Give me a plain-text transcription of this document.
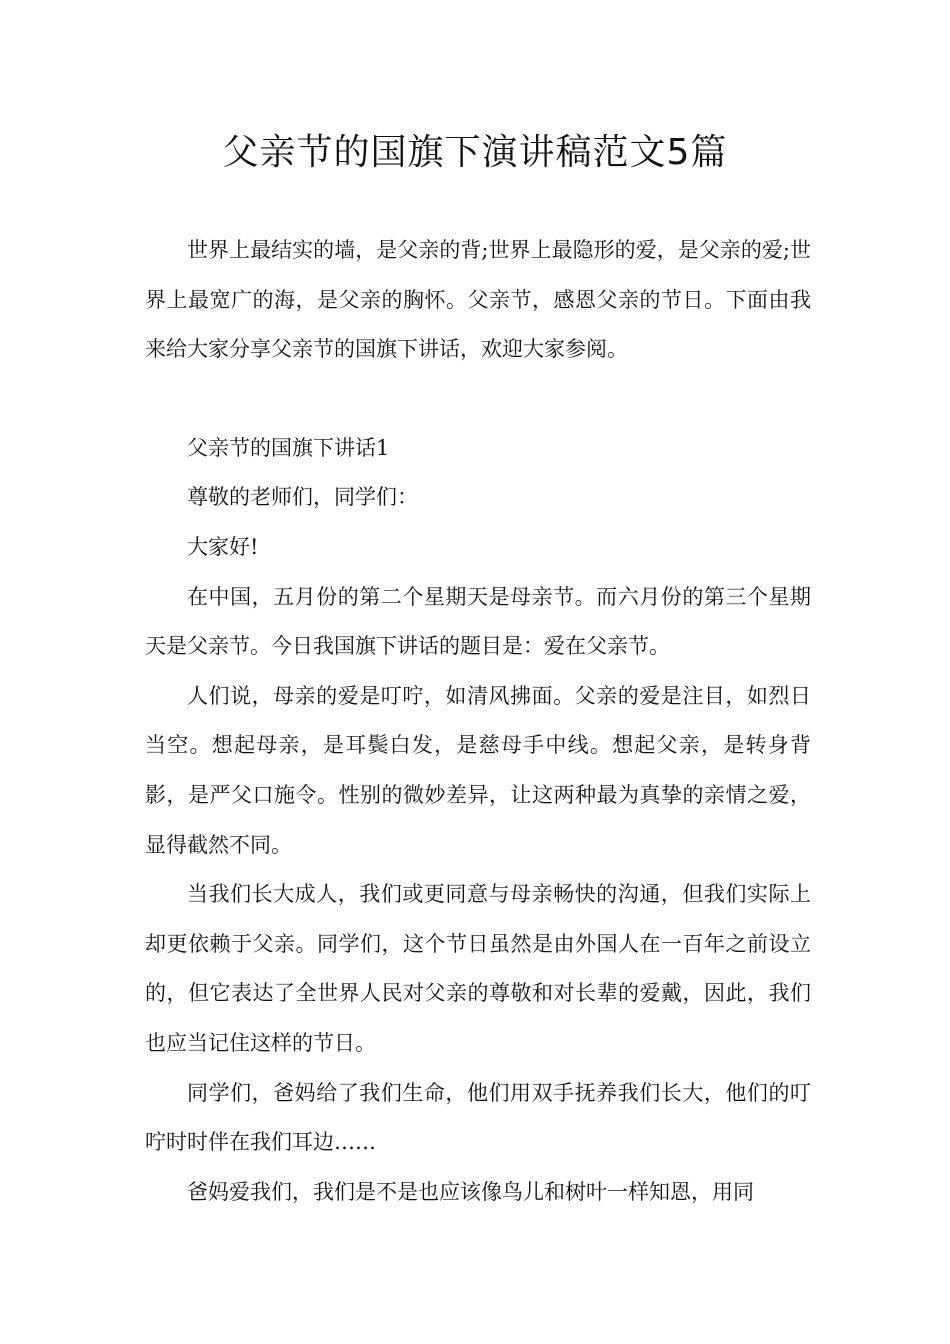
父亲节的国旗下演讲稿范文5篇

世界上最结实的墙，是父亲的背;世界上最隐形的爱，是父亲的爱;世界上最宽广的海，是父亲的胸怀。父亲节，感恩父亲的节日。下面由我来给大家分享父亲节的国旗下讲话，欢迎大家参阅。

父亲节的国旗下讲话1

尊敬的老师们，同学们：

大家好!

在中国，五月份的第二个星期天是母亲节。而六月份的第三个星期天是父亲节。今日我国旗下讲话的题目是：爱在父亲节。

人们说，母亲的爱是叮咛，如清风拂面。父亲的爱是注目，如烈日当空。想起母亲，是耳鬓白发，是慈母手中线。想起父亲，是转身背影，是严父口施令。性别的微妙差异，让这两种最为真挚的亲情之爱，显得截然不同。

当我们长大成人，我们或更同意与母亲畅快的沟通，但我们实际上却更依赖于父亲。同学们，这个节日虽然是由外国人在一百年之前设立的，但它表达了全世界人民对父亲的尊敬和对长辈的爱戴，因此，我们也应当记住这样的节日。

同学们，爸妈给了我们生命，他们用双手抚养我们长大，他们的叮咛时时伴在我们耳边……

爸妈爱我们，我们是不是也应该像鸟儿和树叶一样知恩，用同
